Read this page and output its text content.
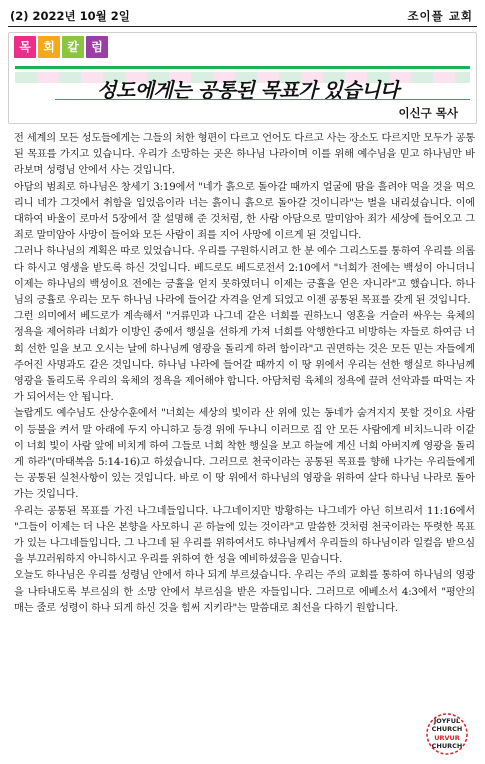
(2) 2022년 10월 2일	조이플 교회
목	회	칼	럼
성도에게는 공통된 목표가 있습니다
이신구 목사

전 세계의 모든 성도들에게는 그들의 처한 형편이 다르고 언어도 다르고 사는 장소도 다르지만 모두가 공통된 목표를 가지고 있습니다. 우리가 소망하는 곳은 하나님 나라이며 이를 위해 예수님을 믿고 하나님만 바라보며 성령님 안에서 사는 것입니다.

아담의 범죄로 하나님은 창세기 3:19에서 "네가 흙으로 돌아갈 때까지 얼굴에 땀을 흘려야 먹을 것을 먹으리니 네가 그것에서 취함을 입었음이라 너는 흙이니 흙으로 돌아갈 것이니라"는 벌을 내리셨습니다. 이에 대하여 바울이 로마서 5장에서 잘 설명해 준 것처럼, 한 사람 아담으로 말미암아 죄가 세상에 들어오고 그 죄로 말미암아 사망이 들어와 모든 사람이 죄를 지어 사망에 이르게 된 것입니다.

그러나 하나님의 계획은 따로 있었습니다. 우리를 구원하시려고 한 분 예수 그리스도를 통하여 우리를 의롭다 하시고 영생을 받도록 하신 것입니다. 베드로도 베드로전서 2:10에서 "너희가 전에는 백성이 아니더니 이제는 하나님의 백성이요 전에는 긍휼을 얻지 못하였더니 이제는 긍휼을 얻은 자니라"고 했습니다. 하나님의 긍휼로 우리는 모두 하나님 나라에 들어갈 자격을 얻게 되었고 이젠 공통된 목표를 갖게 된 것입니다.

그런 의미에서 베드로가 계속해서 "거류민과 나그네 같은 너희를 권하노니 영혼을 거슬러 싸우는 육체의 정욕을 제어하라 너희가 이방인 중에서 행실을 선하게 가져 너희를 악행한다고 비방하는 자들로 하여금 너희 선한 일을 보고 오시는 날에 하나님께 영광을 돌리게 하려 함이라"고 권면하는 것은 모든 믿는 자들에게 주어진 사명과도 같은 것입니다. 하나님 나라에 들어갈 때까지 이 땅 위에서 우리는 선한 행실로 하나님께 영광을 돌리도록 우리의 육체의 정욕을 제어해야 합니다. 아담처럼 육체의 정욕에 끌려 선악과를 따먹는 자가 되어서는 안 됩니다.

놀랍게도 예수님도 산상수훈에서 "너희는 세상의 빛이라 산 위에 있는 동네가 숨겨지지 못할 것이요 사람이 등불을 켜서 말 아래에 두지 아니하고 등경 위에 두나니 이러므로 집 안 모든 사람에게 비치느니라 이같이 너희 빛이 사람 앞에 비치게 하여 그들로 너희 착한 행실을 보고 하늘에 계신 너희 아버지께 영광을 돌리게 하라"(마태복음 5:14-16)고 하셨습니다. 그러므로 천국이라는 공통된 목표를 향해 나가는 우리들에게는 공통된 실천사항이 있는 것입니다. 바로 이 땅 위에서 하나님의 영광을 위하여 살다 하나님 나라로 돌아가는 것입니다.

우리는 공통된 목표를 가진 나그네들입니다. 나그네이지만 방황하는 나그네가 아닌 히브리서 11:16에서 "그들이 이제는 더 나은 본향을 사모하니 곧 하늘에 있는 것이라"고 말씀한 것처럼 천국이라는 뚜렷한 목표가 있는 나그네들입니다. 그 나그네 된 우리를 위하여서도 하나님께서 우리들의 하나님이라 일컬음 받으심을 부끄러워하지 아니하시고 우리를 위하여 한 성을 예비하셨음을 믿습니다.

오늘도 하나님은 우리를 성령님 안에서 하나 되게 부르셨습니다. 우리는 주의 교회를 통하여 하나님의 영광을 나타내도록 부르심의 한 소망 안에서 부르심을 받은 자들입니다. 그러므로 에베소서 4:3에서 "평안의 매는 줄로 성령이 하나 되게 하신 것을 힘써 지키라"는 말씀대로 최선을 다하기 원합니다.

JOYFUL
CHURCH
URVUR
CHURCH
